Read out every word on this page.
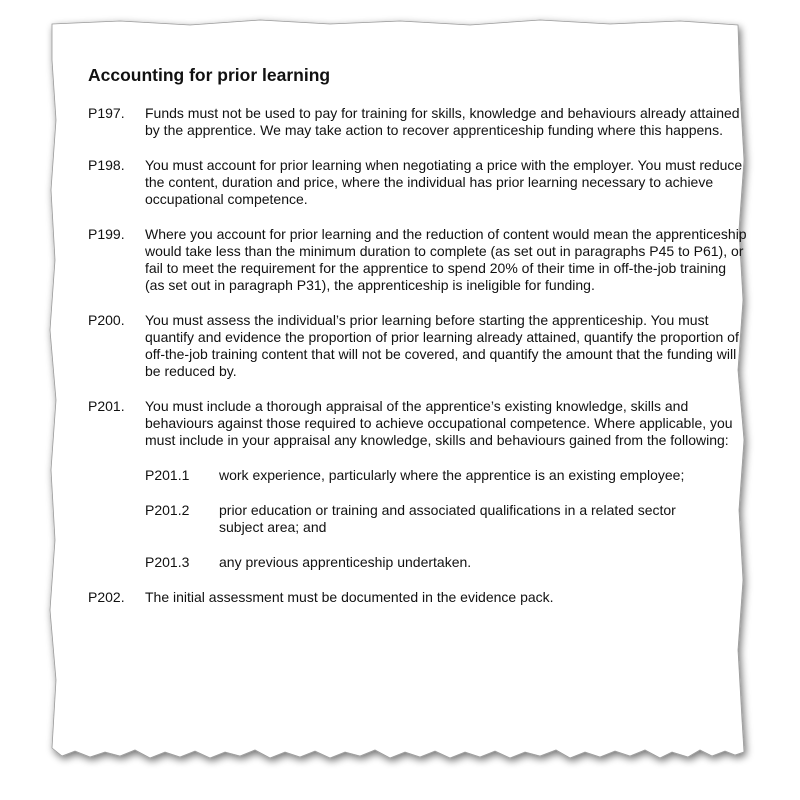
Accounting for prior learning
P197.	Funds must not be used to pay for training for skills, knowledge and behaviours already attained by the apprentice. We may take action to recover apprenticeship funding where this happens.
P198.	You must account for prior learning when negotiating a price with the employer. You must reduce the content, duration and price, where the individual has prior learning necessary to achieve occupational competence.
P199.	Where you account for prior learning and the reduction of content would mean the apprenticeship would take less than the minimum duration to complete (as set out in paragraphs P45 to P61), or fail to meet the requirement for the apprentice to spend 20% of their time in off-the-job training (as set out in paragraph P31), the apprenticeship is ineligible for funding.
P200.	You must assess the individual’s prior learning before starting the apprenticeship. You must quantify and evidence the proportion of prior learning already attained, quantify the proportion of off-the-job training content that will not be covered, and quantify the amount that the funding will be reduced by.
P201.	You must include a thorough appraisal of the apprentice’s existing knowledge, skills and behaviours against those required to achieve occupational competence. Where applicable, you must include in your appraisal any knowledge, skills and behaviours gained from the following:
P201.1	work experience, particularly where the apprentice is an existing employee;
P201.2	prior education or training and associated qualifications in a related sector subject area; and
P201.3	any previous apprenticeship undertaken.
P202.	The initial assessment must be documented in the evidence pack.
